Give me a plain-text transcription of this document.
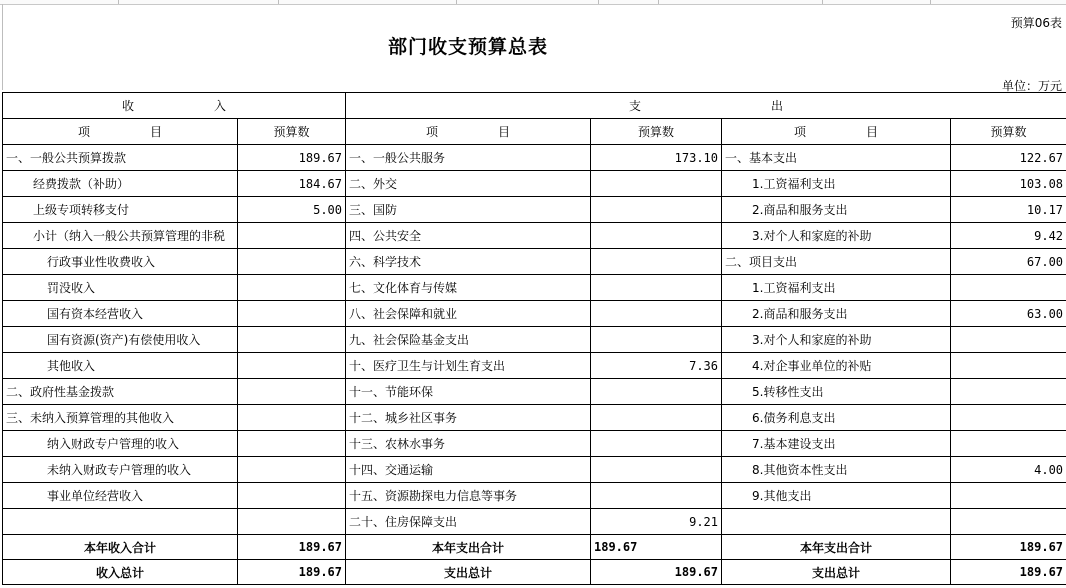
预算06表
部门收支预算总表
单位：万元
收 入		支 出			
项 目	预算数	项 目	预算数	项 目	预算数
一、一般公共预算拨款	189.67	一、一般公共服务	173.10	一、基本支出	122.67
经费拨款（补助）	184.67	二、外交		1.工资福利支出	103.08
上级专项转移支付	5.00	三、国防		2.商品和服务支出	10.17
小计（纳入一般公共预算管理的非税		四、公共安全		3.对个人和家庭的补助	9.42
行政事业性收费收入		六、科学技术		二、项目支出	67.00
罚没收入		七、文化体育与传媒		1.工资福利支出	
国有资本经营收入		八、社会保障和就业		2.商品和服务支出	63.00
国有资源(资产)有偿使用收入		九、社会保险基金支出		3.对个人和家庭的补助	
其他收入		十、医疗卫生与计划生育支出	7.36	4.对企事业单位的补贴	
二、政府性基金拨款		十一、节能环保		5.转移性支出	
三、未纳入预算管理的其他收入		十二、城乡社区事务		6.债务利息支出	
纳入财政专户管理的收入		十三、农林水事务		7.基本建设支出	
未纳入财政专户管理的收入		十四、交通运输		8.其他资本性支出	4.00
事业单位经营收入		十五、资源勘探电力信息等事务		9.其他支出	
		二十、住房保障支出	9.21		
本年收入合计	189.67	本年支出合计	189.67	本年支出合计	189.67
收入总计	189.67	支出总计	189.67	支出总计	189.67
